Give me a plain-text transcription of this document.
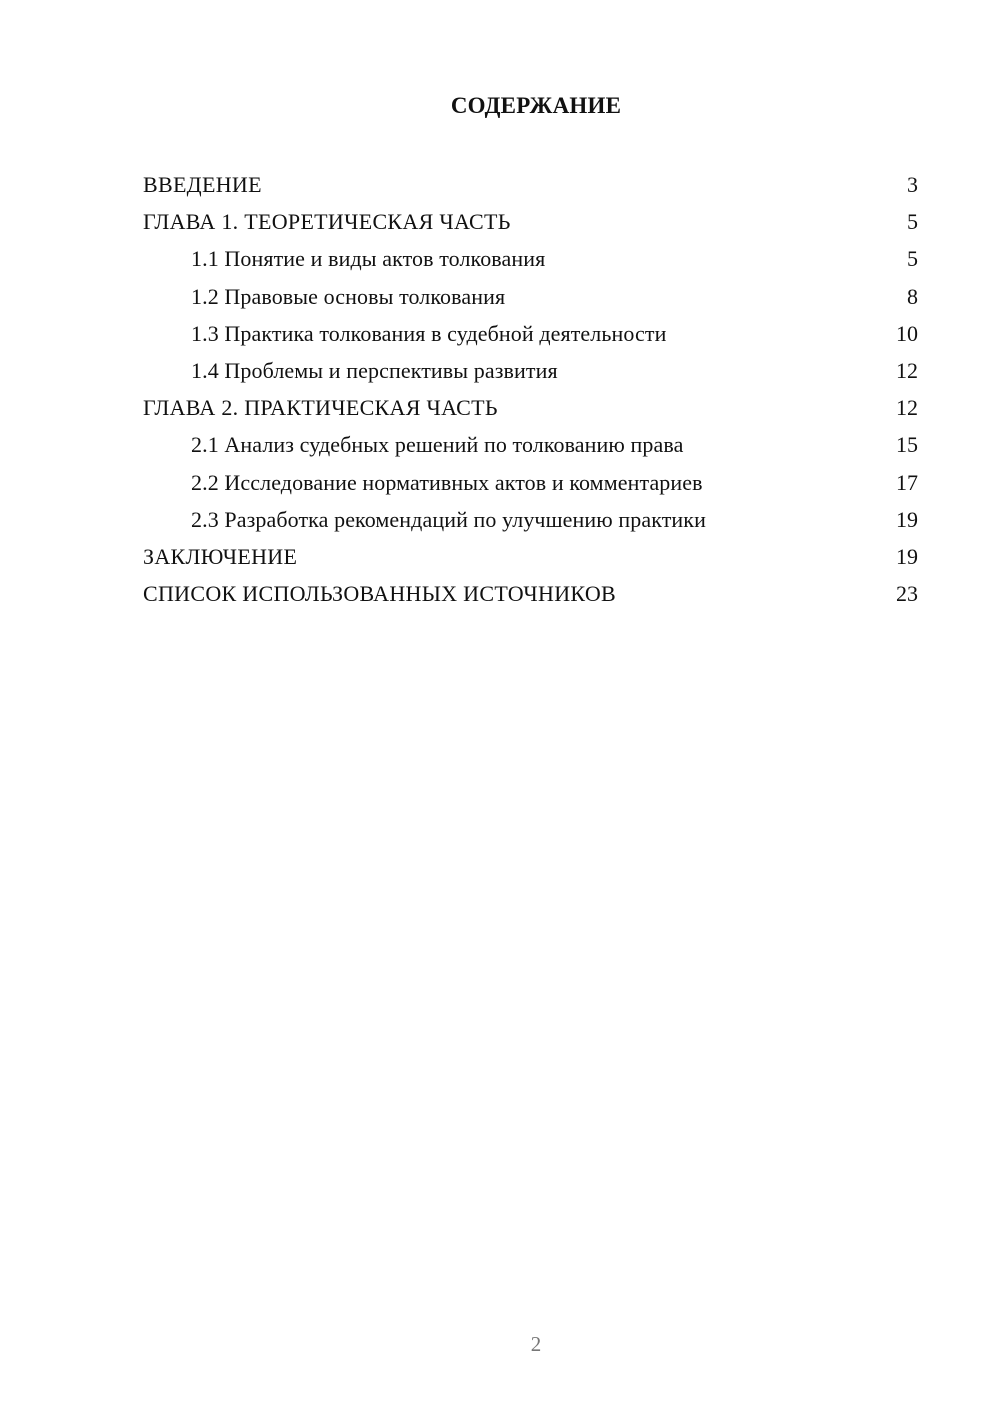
СОДЕРЖАНИЕ
ВВЕДЕНИЕ	3
ГЛАВА 1. ТЕОРЕТИЧЕСКАЯ ЧАСТЬ	5
1.1 Понятие и виды актов толкования	5
1.2 Правовые основы толкования	8
1.3 Практика толкования в судебной деятельности	10
1.4 Проблемы и перспективы развития	12
ГЛАВА 2. ПРАКТИЧЕСКАЯ ЧАСТЬ	12
2.1 Анализ судебных решений по толкованию права	15
2.2 Исследование нормативных актов и комментариев	17
2.3 Разработка рекомендаций по улучшению практики	19
ЗАКЛЮЧЕНИЕ	19
СПИСОК ИСПОЛЬЗОВАННЫХ ИСТОЧНИКОВ	23
2
